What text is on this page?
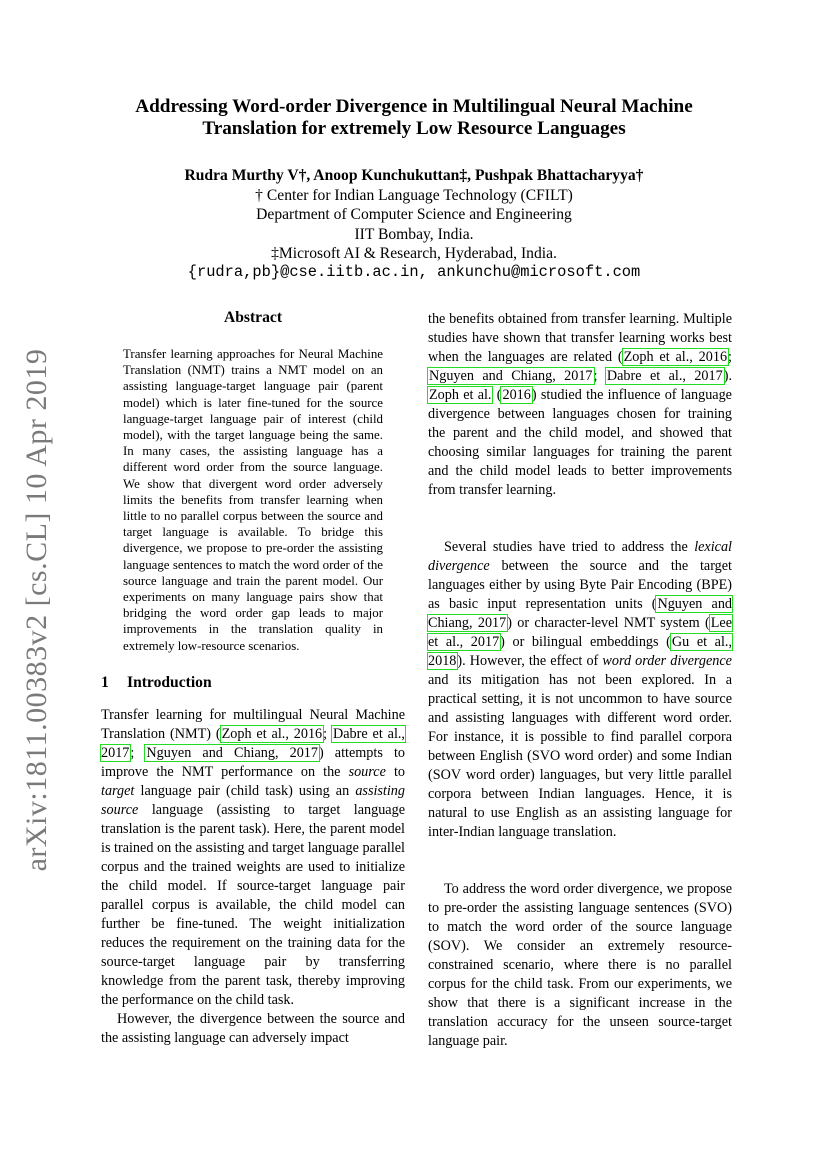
arXiv:1811.00383v2 [cs.CL] 10 Apr 2019
Addressing Word-order Divergence in Multilingual Neural Machine
Translation for extremely Low Resource Languages
Rudra Murthy V†, Anoop Kunchukuttan‡, Pushpak Bhattacharyya†
† Center for Indian Language Technology (CFILT)
Department of Computer Science and Engineering
IIT Bombay, India.
‡Microsoft AI & Research, Hyderabad, India.
{rudra,pb}@cse.iitb.ac.in, ankunchu@microsoft.com
Abstract

Transfer learning approaches for Neural Machine Translation (NMT) trains a NMT model on an assisting language-target language pair (parent model) which is later fine-tuned for the source language-target language pair of interest (child model), with the target language being the same. In many cases, the assisting language has a different word order from the source language. We show that divergent word order adversely limits the benefits from transfer learning when little to no parallel corpus between the source and target language is available. To bridge this divergence, we propose to pre-order the assisting language sentences to match the word order of the source language and train the parent model. Our experiments on many language pairs show that bridging the word order gap leads to major improvements in the translation quality in extremely low-resource scenarios.

1 Introduction

Transfer learning for multilingual Neural Machine Translation (NMT) (Zoph et al., 2016; Dabre et al., 2017; Nguyen and Chiang, 2017) attempts to improve the NMT performance on the source to target language pair (child task) using an assisting source language (assisting to target language translation is the parent task). Here, the parent model is trained on the assisting and target language parallel corpus and the trained weights are used to initialize the child model. If source-target language pair parallel corpus is available, the child model can further be fine-tuned. The weight initialization reduces the requirement on the training data for the source-target language pair by transferring knowledge from the parent task, thereby improving the performance on the child task.

However, the divergence between the source and the assisting language can adversely impact

the benefits obtained from transfer learning. Multiple studies have shown that transfer learning works best when the languages are related (Zoph et al., 2016; Nguyen and Chiang, 2017; Dabre et al., 2017). Zoph et al. (2016) studied the influence of language divergence between languages chosen for training the parent and the child model, and showed that choosing similar languages for training the parent and the child model leads to better improvements from transfer learning.

Several studies have tried to address the lexical divergence between the source and the target languages either by using Byte Pair Encoding (BPE) as basic input representation units (Nguyen and Chiang, 2017) or character-level NMT system (Lee et al., 2017) or bilingual embeddings (Gu et al., 2018). However, the effect of word order divergence and its mitigation has not been explored. In a practical setting, it is not uncommon to have source and assisting languages with different word order. For instance, it is possible to find parallel corpora between English (SVO word order) and some Indian (SOV word order) languages, but very little parallel corpora between Indian languages. Hence, it is natural to use English as an assisting language for inter-Indian language translation.

To address the word order divergence, we propose to pre-order the assisting language sentences (SVO) to match the word order of the source language (SOV). We consider an extremely resource-constrained scenario, where there is no parallel corpus for the child task. From our experiments, we show that there is a significant increase in the translation accuracy for the unseen source-target language pair.
